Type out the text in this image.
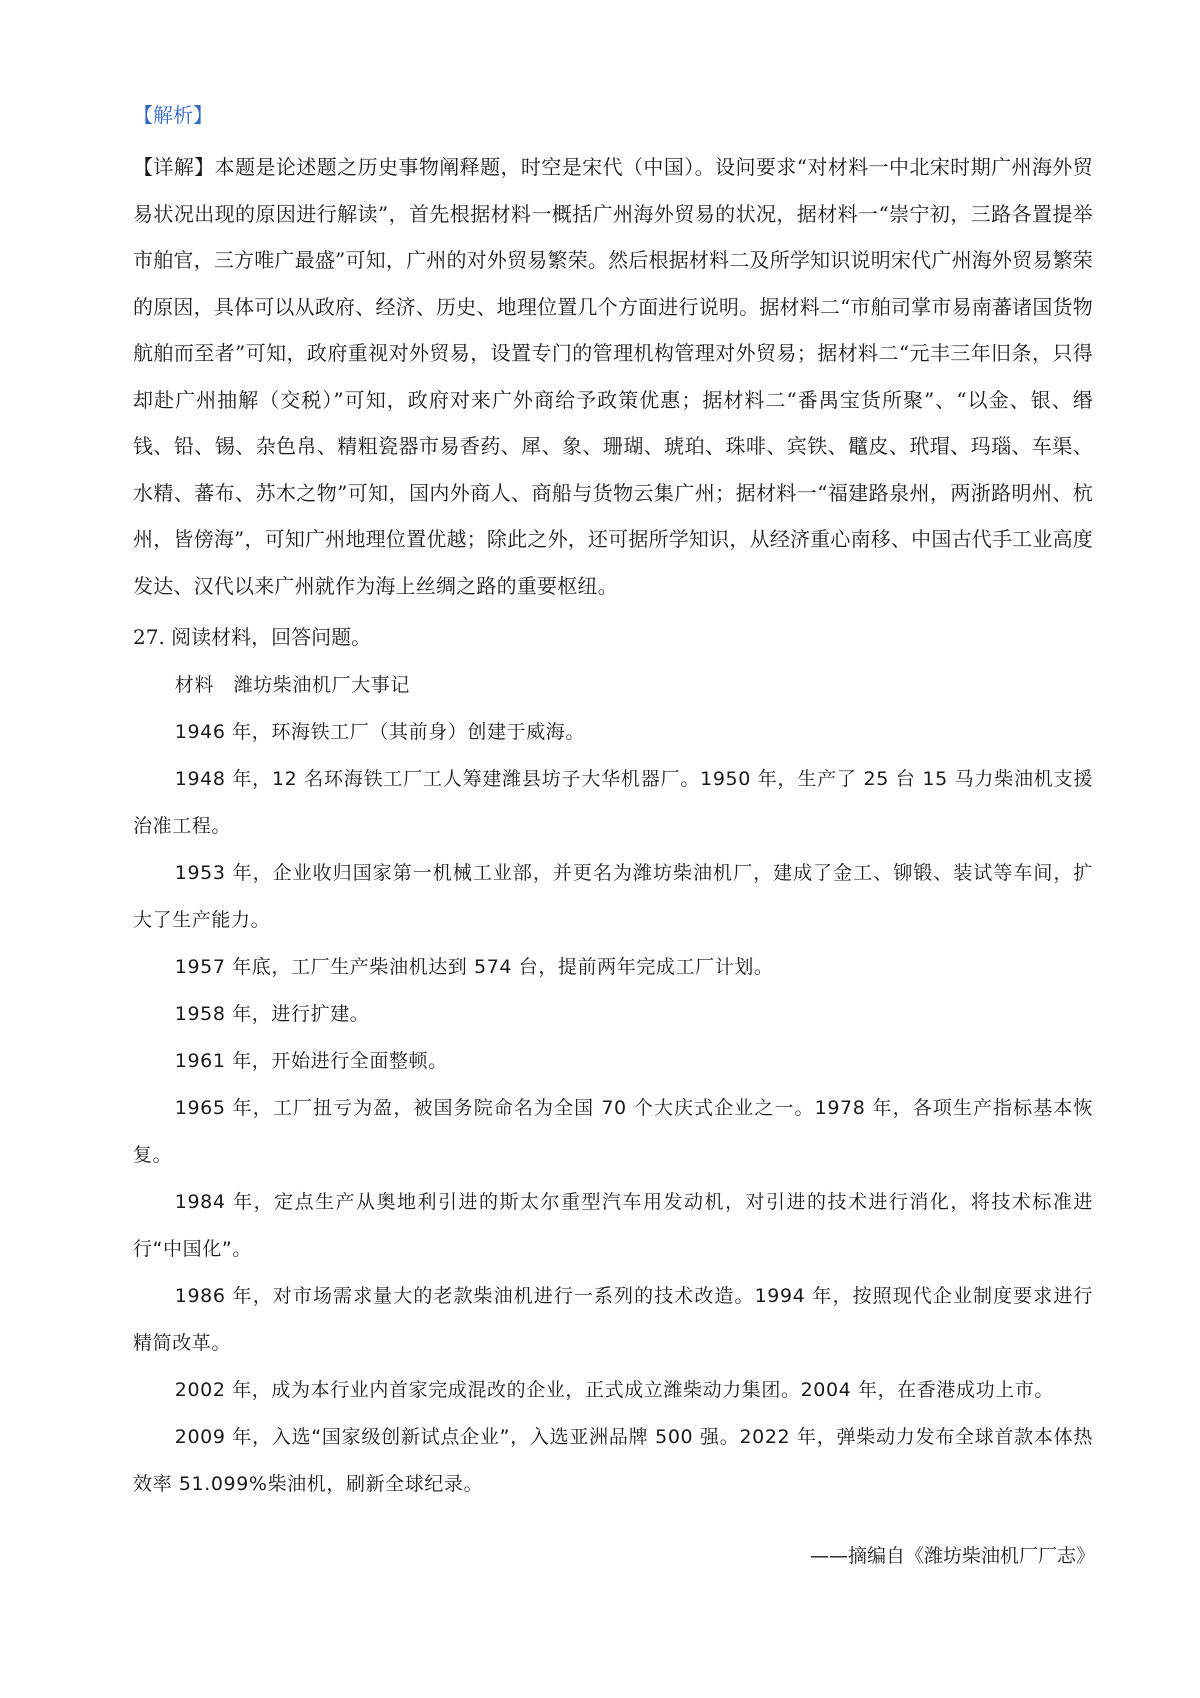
【解析】
【详解】本题是论述题之历史事物阐释题，时空是宋代（中国）。设问要求“对材料一中北宋时期广州海外贸易状况出现的原因进行解读”，首先根据材料一概括广州海外贸易的状况，据材料一“崇宁初，三路各置提举市舶官，三方唯广最盛”可知，广州的对外贸易繁荣。然后根据材料二及所学知识说明宋代广州海外贸易繁荣的原因，具体可以从政府、经济、历史、地理位置几个方面进行说明。据材料二“市舶司掌市易南蕃诸国货物航舶而至者”可知，政府重视对外贸易，设置专门的管理机构管理对外贸易；据材料二“元丰三年旧条，只得却赴广州抽解（交税）”可知，政府对来广外商给予政策优惠；据材料二“番禺宝货所聚”、“以金、银、缗钱、铅、锡、杂色帛、精粗瓷器市易香药、犀、象、珊瑚、琥珀、珠啡、宾铁、鼊皮、玳瑁、玛瑙、车渠、水精、蕃布、苏木之物”可知，国内外商人、商船与货物云集广州；据材料一“福建路泉州，两浙路明州、杭州，皆傍海”，可知广州地理位置优越；除此之外，还可据所学知识，从经济重心南移、中国古代手工业高度发达、汉代以来广州就作为海上丝绸之路的重要枢纽。
27. 阅读材料，回答问题。

材料　潍坊柴油机厂大事记

1946 年，环海铁工厂（其前身）创建于威海。

1948 年，12 名环海铁工厂工人筹建潍县坊子大华机器厂。1950 年，生产了 25 台 15 马力柴油机支援治准工程。

1953 年，企业收归国家第一机械工业部，并更名为潍坊柴油机厂，建成了金工、铆锻、装试等车间，扩大了生产能力。

1957 年底，工厂生产柴油机达到 574 台，提前两年完成工厂计划。

1958 年，进行扩建。

1961 年，开始进行全面整顿。

1965 年，工厂扭亏为盈，被国务院命名为全国 70 个大庆式企业之一。1978 年，各项生产指标基本恢复。

1984 年，定点生产从奥地利引进的斯太尔重型汽车用发动机，对引进的技术进行消化，将技术标准进行“中国化”。

1986 年，对市场需求量大的老款柴油机进行一系列的技术改造。1994 年，按照现代企业制度要求进行精简改革。

2002 年，成为本行业内首家完成混改的企业，正式成立潍柴动力集团。2004 年，在香港成功上市。

2009 年，入选“国家级创新试点企业”，入选亚洲品牌 500 强。2022 年，弹柴动力发布全球首款本体热效率 51.099%柴油机，刷新全球纪录。

——摘编自《潍坊柴油机厂厂志》
